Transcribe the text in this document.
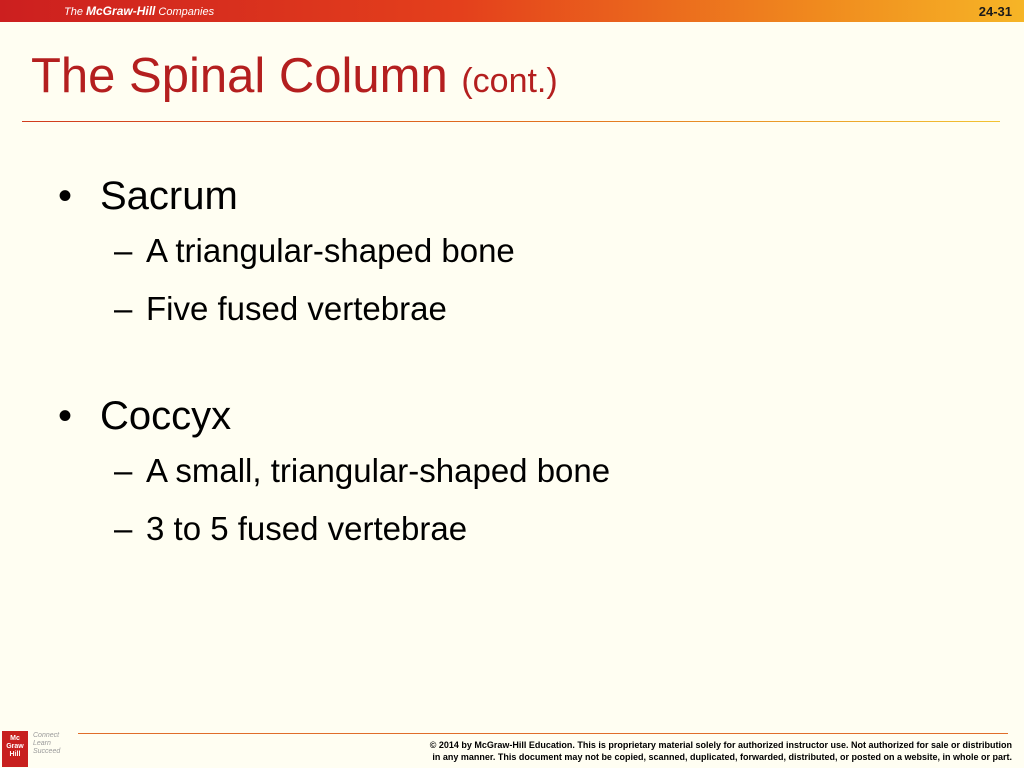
The McGraw-Hill Companies	24-31
The Spinal Column (cont.)
• Sacrum
– A triangular-shaped bone
– Five fused vertebrae
• Coccyx
– A small, triangular-shaped bone
– 3 to 5 fused vertebrae
Mc
Graw
Hill
Connect
Learn
Succeed
© 2014 by McGraw-Hill Education. This is proprietary material solely for authorized instructor use. Not authorized for sale or distribution
in any manner. This document may not be copied, scanned, duplicated, forwarded, distributed, or posted on a website, in whole or part.
